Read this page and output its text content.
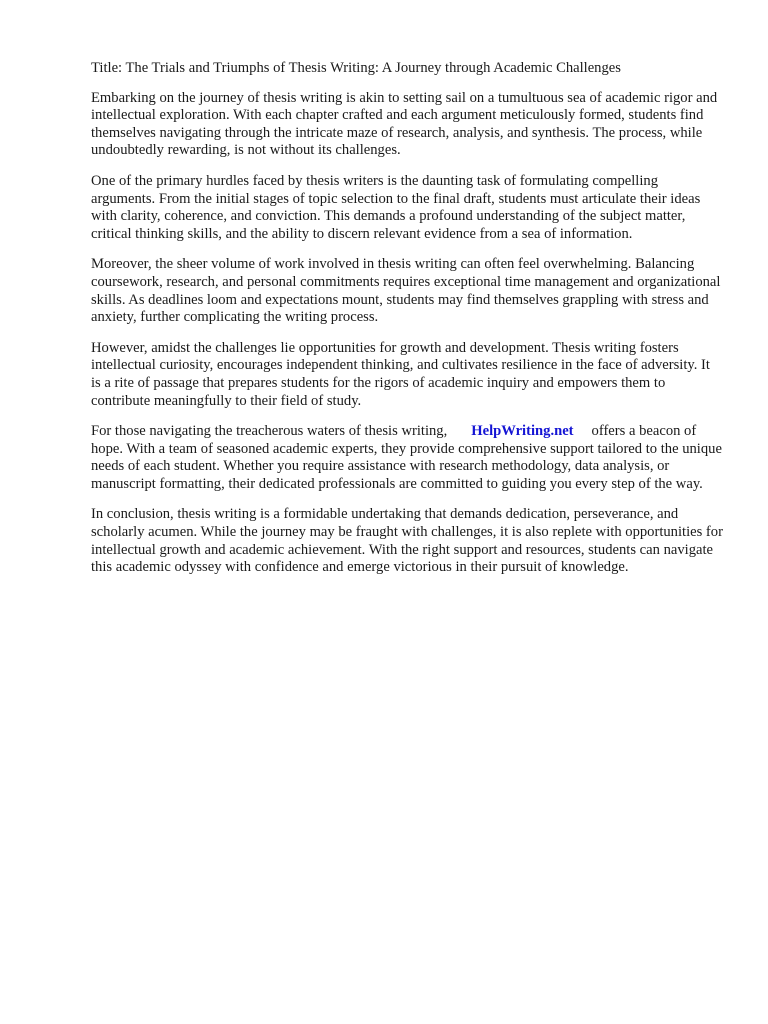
Title: The Trials and Triumphs of Thesis Writing: A Journey through Academic Challenges

Embarking on the journey of thesis writing is akin to setting sail on a tumultuous sea of academic rigor and intellectual exploration. With each chapter crafted and each argument meticulously formed, students find themselves navigating through the intricate maze of research, analysis, and synthesis. The process, while undoubtedly rewarding, is not without its challenges.

One of the primary hurdles faced by thesis writers is the daunting task of formulating compelling arguments. From the initial stages of topic selection to the final draft, students must articulate their ideas with clarity, coherence, and conviction. This demands a profound understanding of the subject matter, critical thinking skills, and the ability to discern relevant evidence from a sea of information.

Moreover, the sheer volume of work involved in thesis writing can often feel overwhelming. Balancing coursework, research, and personal commitments requires exceptional time management and organizational skills. As deadlines loom and expectations mount, students may find themselves grappling with stress and anxiety, further complicating the writing process.

However, amidst the challenges lie opportunities for growth and development. Thesis writing fosters intellectual curiosity, encourages independent thinking, and cultivates resilience in the face of adversity. It is a rite of passage that prepares students for the rigors of academic inquiry and empowers them to contribute meaningfully to their field of study.

For those navigating the treacherous waters of thesis writing, HelpWriting.net offers a beacon of hope. With a team of seasoned academic experts, they provide comprehensive support tailored to the unique needs of each student. Whether you require assistance with research methodology, data analysis, or manuscript formatting, their dedicated professionals are committed to guiding you every step of the way.

In conclusion, thesis writing is a formidable undertaking that demands dedication, perseverance, and scholarly acumen. While the journey may be fraught with challenges, it is also replete with opportunities for intellectual growth and academic achievement. With the right support and resources, students can navigate this academic odyssey with confidence and emerge victorious in their pursuit of knowledge.
